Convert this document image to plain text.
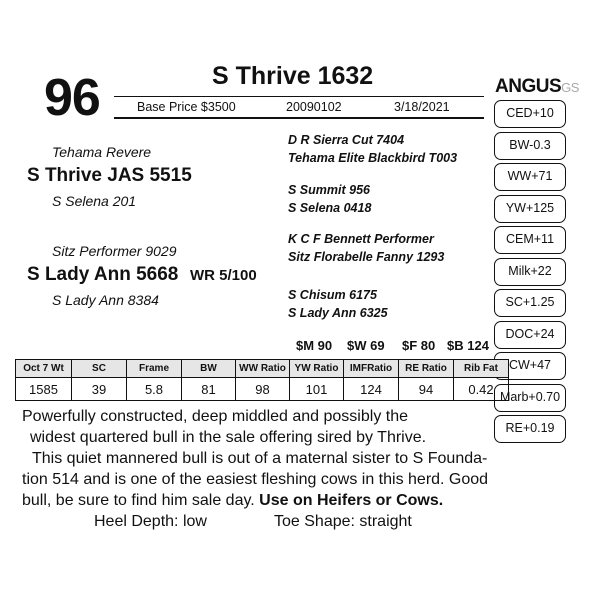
96	S Thrive 1632	ANGUSGS
Base Price $3500	20090102	3/18/2021	CED+10
BW-0.3
WW+71
YW+125
CEM+11
Milk+22
SC+1.25
DOC+24
CW+47
Marb+0.70
RE+0.19
Tehama Revere
S Thrive JAS 5515
S Selena 201
Sitz Performer 9029
S Lady Ann 5668 WR 5/100
S Lady Ann 8384
D R Sierra Cut 7404
Tehama Elite Blackbird T003
S Summit 956
S Selena 0418
K C F Bennett Performer
Sitz Florabelle Fanny 1293
S Chisum 6175
S Lady Ann 6325
$M 90 $W 69 $F 80 $B 124
Oct 7 Wt	SC	Frame	BW	WW Ratio	YW Ratio	IMFRatio	RE Ratio	Rib Fat
1585	39	5.8	81	98	101	124	94	0.42

Powerfully constructed, deep middled and possibly the

widest quartered bull in the sale offering sired by Thrive.

This quiet mannered bull is out of a maternal sister to S Founda-

tion 514 and is one of the easiest fleshing cows in this herd. Good

bull, be sure to find him sale day. Use on Heifers or Cows.

Heel Depth: low	Toe Shape: straight
